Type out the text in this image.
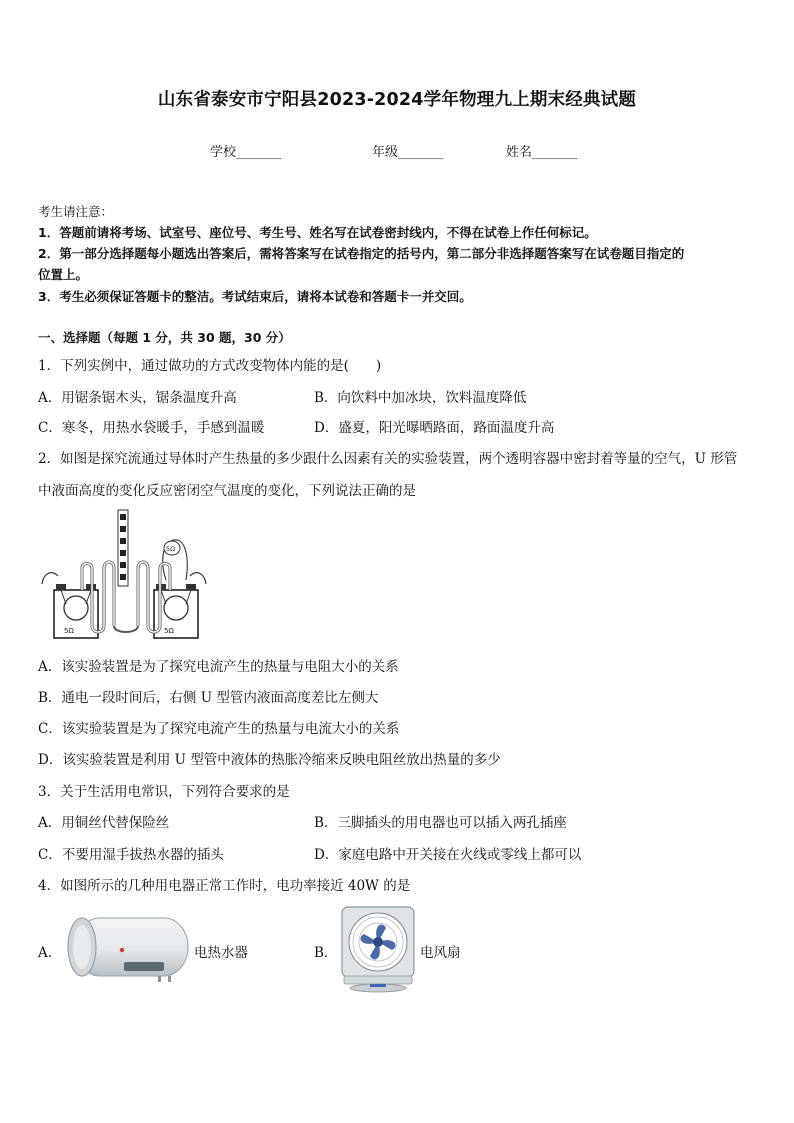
山东省泰安市宁阳县2023-2024学年物理九上期末经典试题
学校_______	年级_______	姓名_______
考生请注意：
1．答题前请将考场、试室号、座位号、考生号、姓名写在试卷密封线内，不得在试卷上作任何标记。
2．第一部分选择题每小题选出答案后，需将答案写在试卷指定的括号内，第二部分非选择题答案写在试卷题目指定的
位置上。
3．考生必须保证答题卡的整洁。考试结束后，请将本试卷和答题卡一并交回。
一、选择题（每题 1 分，共 30 题，30 分）
1．下列实例中，通过做功的方式改变物体内能的是(　　)
A．用锯条锯木头，锯条温度升高	B．向饮料中加冰块，饮料温度降低
C．寒冬，用热水袋暖手，手感到温暖	D．盛夏，阳光曝晒路面，路面温度升高
2．如图是探究流通过导体时产生热量的多少跟什么因素有关的实验装置，两个透明容器中密封着等量的空气，U 形管
中液面高度的变化反应密闭空气温度的变化，下列说法正确的是
5Ω	5Ω
5Ω
A．该实验装置是为了探究电流产生的热量与电阻大小的关系
B．通电一段时间后，右侧 U 型管内液面高度差比左侧大
C．该实验装置是为了探究电流产生的热量与电流大小的关系
D．该实验装置是利用 U 型管中液体的热胀冷缩来反映电阻丝放出热量的多少
3．关于生活用电常识，下列符合要求的是
A．用铜丝代替保险丝	B．三脚插头的用电器也可以插入两孔插座
C．不要用湿手拔热水器的插头	D．家庭电路中开关接在火线或零线上都可以
4．如图所示的几种用电器正常工作时，电功率接近 40W 的是
A．	电热水器	B．	电风扇
